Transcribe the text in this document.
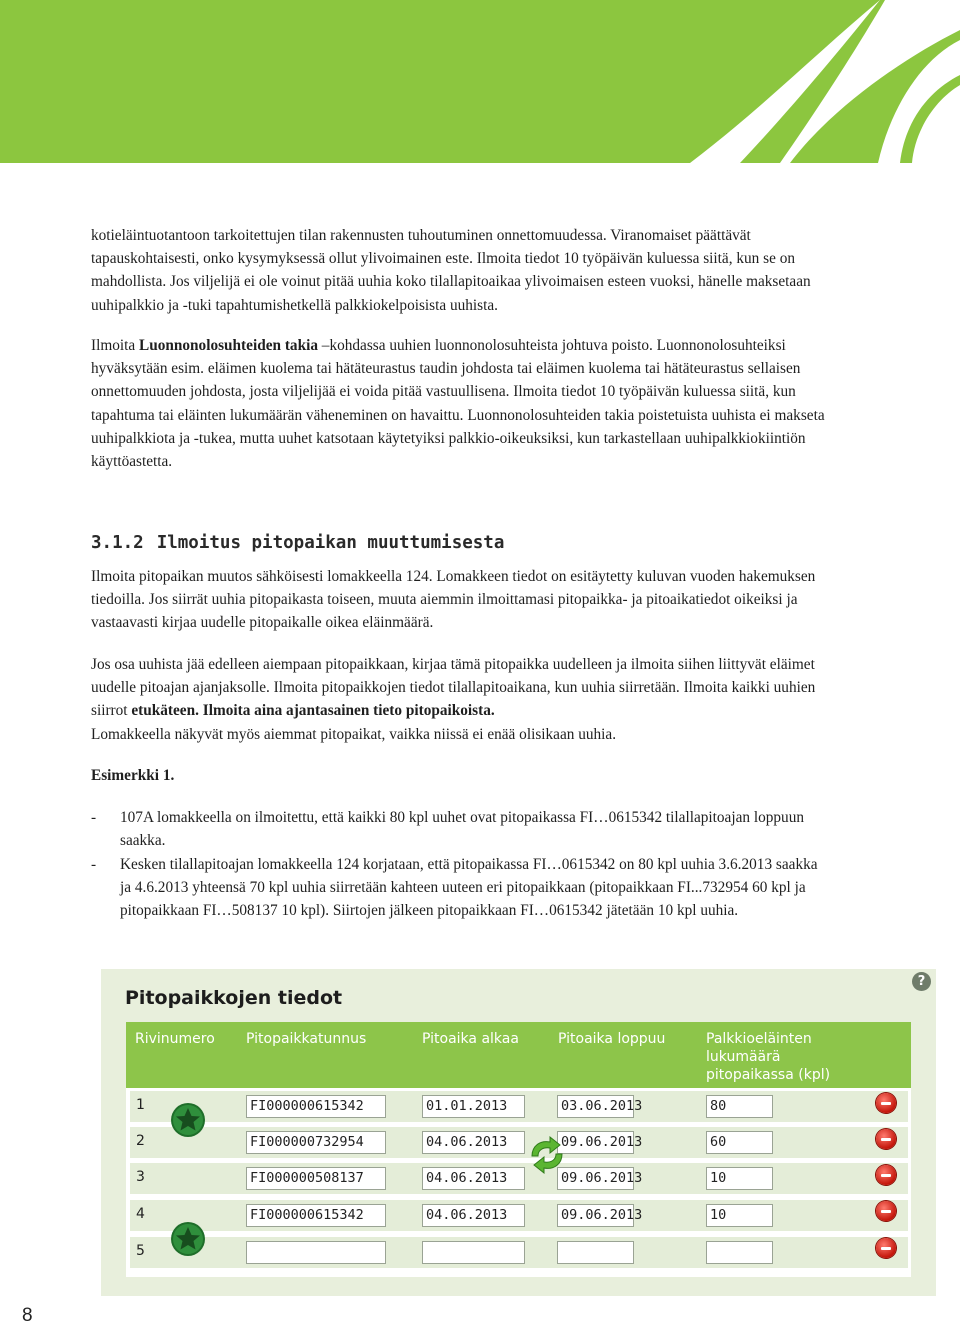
kotieläintuotantoon tarkoitettujen tilan rakennusten tuhoutuminen onnettomuudessa. Viranomaiset päättävät tapauskohtaisesti, onko kysymyksessä ollut ylivoimainen este. Ilmoita tiedot 10 työpäivän kuluessa siitä, kun se on mahdollista. Jos viljelijä ei ole voinut pitää uuhia koko tilallapitoaikaa ylivoimaisen esteen vuoksi, hänelle maksetaan uuhipalkkio ja -tuki tapahtumishetkellä palkkiokelpoisista uuhista.

Ilmoita Luonnonolosuhteiden takia –kohdassa uuhien luonnonolosuhteista johtuva poisto. Luonnonolosuhteiksi hyväksytään esim. eläimen kuolema tai hätäteurastus taudin johdosta tai eläimen kuolema tai hätäteurastus sellaisen onnettomuuden johdosta, josta viljelijää ei voida pitää vastuullisena. Ilmoita tiedot 10 työpäivän kuluessa siitä, kun tapahtuma tai eläinten lukumäärän väheneminen on havaittu. Luonnonolosuhteiden takia poistetuista uuhista ei makseta uuhipalkkiota ja -tukea, mutta uuhet katsotaan käytetyiksi palkkio-oikeuksiksi, kun tarkastellaan uuhipalkkiokiintiön käyttöastetta.

3.1.2 Ilmoitus pitopaikan muuttumisesta

Ilmoita pitopaikan muutos sähköisesti lomakkeella 124. Lomakkeen tiedot on esitäytetty kuluvan vuoden hakemuksen tiedoilla. Jos siirrät uuhia pitopaikasta toiseen, muuta aiemmin ilmoittamasi pitopaikka- ja pitoaikatiedot oikeiksi ja vastaavasti kirjaa uudelle pitopaikalle oikea eläinmäärä.

Jos osa uuhista jää edelleen aiempaan pitopaikkaan, kirjaa tämä pitopaikka uudelleen ja ilmoita siihen liittyvät eläimet uudelle pitoajan ajanjaksolle. Ilmoita pitopaikkojen tiedot tilallapitoaikana, kun uuhia siirretään. Ilmoita kaikki uuhien siirrot etukäteen. Ilmoita aina ajantasainen tieto pitopaikoista.
Lomakkeella näkyvät myös aiemmat pitopaikat, vaikka niissä ei enää olisikaan uuhia.

Esimerkki 1.

- 107A lomakkeella on ilmoitettu, että kaikki 80 kpl uuhet ovat pitopaikassa FI…0615342 tilallapitoajan loppuun saakka.
- Kesken tilallapitoajan lomakkeella 124 korjataan, että pitopaikassa FI…0615342 on 80 kpl uuhia 3.6.2013 saakka ja 4.6.2013 yhteensä 70 kpl uuhia siirretään kahteen uuteen eri pitopaikkaan (pitopaikkaan FI...732954 60 kpl ja pitopaikkaan FI…508137 10 kpl). Siirtojen jälkeen pitopaikkaan FI…0615342 jätetään 10 kpl uuhia.
?
Pitopaikkojen tiedot
Rivinumero Pitopaikkatunnus	Pitoaika alkaa	Pitoaika loppuu	Palkkioeläinten
lukumäärä
pitopaikassa (kpl)
1	FI000000615342	01.01.2013	03.06.2013	80
2	FI000000732954	04.06.2013	09.06.2013	60
3	FI000000508137	04.06.2013	09.06.2013	10
4	FI000000615342	04.06.2013	09.06.2013	10
5
8
